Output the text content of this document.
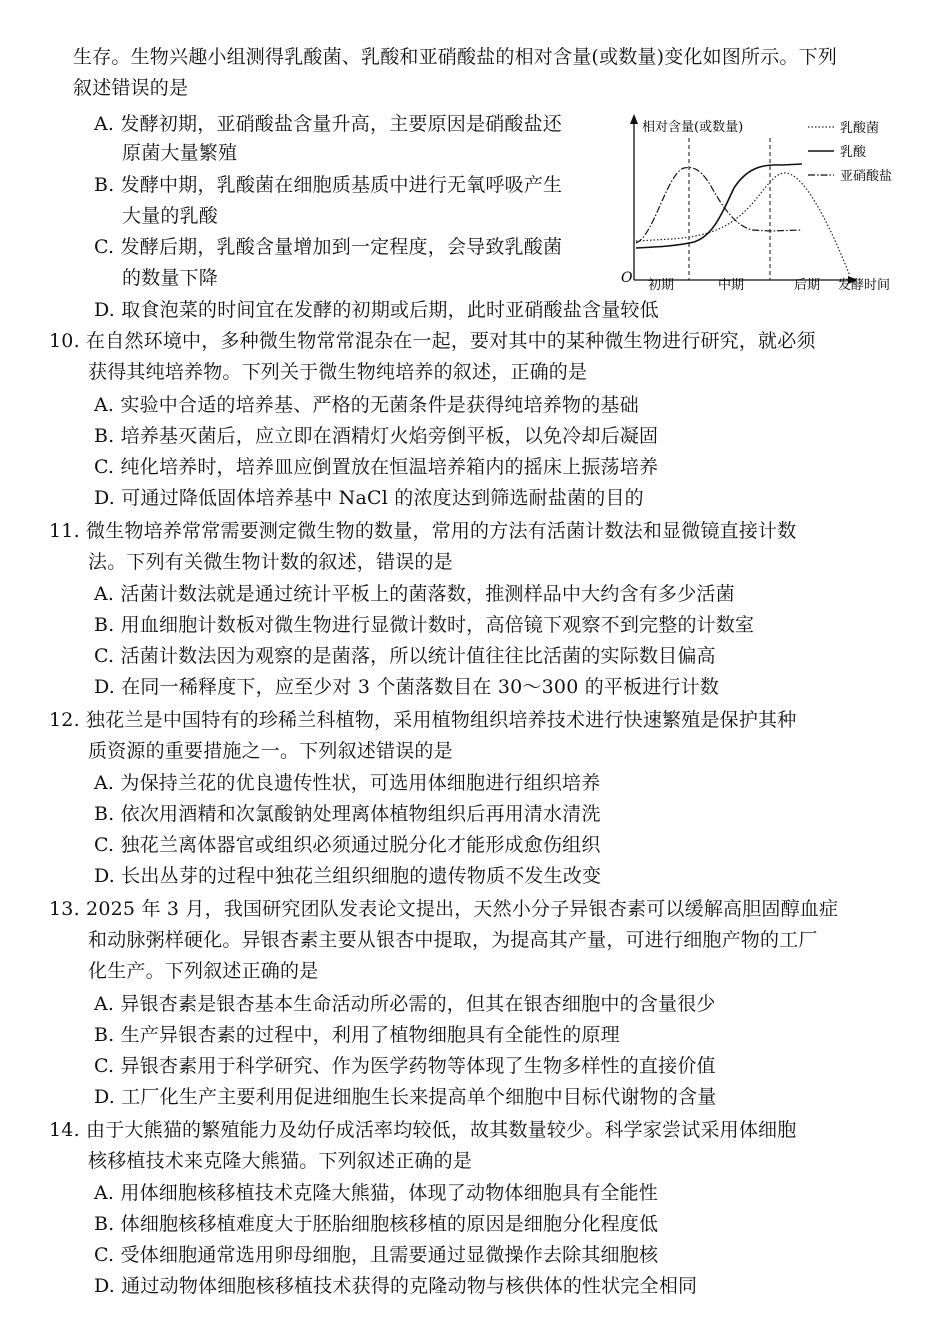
生存。生物兴趣小组测得乳酸菌、乳酸和亚硝酸盐的相对含量(或数量)变化如图所示。下列
叙述错误的是
A. 发酵初期，亚硝酸盐含量升高，主要原因是硝酸盐还
原菌大量繁殖
B. 发酵中期，乳酸菌在细胞质基质中进行无氧呼吸产生
大量的乳酸
C. 发酵后期，乳酸含量增加到一定程度，会导致乳酸菌
的数量下降
D. 取食泡菜的时间宜在发酵的初期或后期，此时亚硝酸盐含量较低
相对含量(或数量)
O 初期	中期	后期 发酵时间
乳酸菌
乳酸
亚硝酸盐
10. 在自然环境中，多种微生物常常混杂在一起，要对其中的某种微生物进行研究，就必须
获得其纯培养物。下列关于微生物纯培养的叙述，正确的是
A. 实验中合适的培养基、严格的无菌条件是获得纯培养物的基础
B. 培养基灭菌后，应立即在酒精灯火焰旁倒平板，以免冷却后凝固
C. 纯化培养时，培养皿应倒置放在恒温培养箱内的摇床上振荡培养
D. 可通过降低固体培养基中 NaCl 的浓度达到筛选耐盐菌的目的
11. 微生物培养常常需要测定微生物的数量，常用的方法有活菌计数法和显微镜直接计数
法。下列有关微生物计数的叙述，错误的是
A. 活菌计数法就是通过统计平板上的菌落数，推测样品中大约含有多少活菌
B. 用血细胞计数板对微生物进行显微计数时，高倍镜下观察不到完整的计数室
C. 活菌计数法因为观察的是菌落，所以统计值往往比活菌的实际数目偏高
D. 在同一稀释度下，应至少对 3 个菌落数目在 30～300 的平板进行计数
12. 独花兰是中国特有的珍稀兰科植物，采用植物组织培养技术进行快速繁殖是保护其种
质资源的重要措施之一。下列叙述错误的是
A. 为保持兰花的优良遗传性状，可选用体细胞进行组织培养
B. 依次用酒精和次氯酸钠处理离体植物组织后再用清水清洗
C. 独花兰离体器官或组织必须通过脱分化才能形成愈伤组织
D. 长出丛芽的过程中独花兰组织细胞的遗传物质不发生改变
13. 2025 年 3 月，我国研究团队发表论文提出，天然小分子异银杏素可以缓解高胆固醇血症
和动脉粥样硬化。异银杏素主要从银杏中提取，为提高其产量，可进行细胞产物的工厂
化生产。下列叙述正确的是
A. 异银杏素是银杏基本生命活动所必需的，但其在银杏细胞中的含量很少
B. 生产异银杏素的过程中，利用了植物细胞具有全能性的原理
C. 异银杏素用于科学研究、作为医学药物等体现了生物多样性的直接价值
D. 工厂化生产主要利用促进细胞生长来提高单个细胞中目标代谢物的含量
14. 由于大熊猫的繁殖能力及幼仔成活率均较低，故其数量较少。科学家尝试采用体细胞
核移植技术来克隆大熊猫。下列叙述正确的是
A. 用体细胞核移植技术克隆大熊猫，体现了动物体细胞具有全能性
B. 体细胞核移植难度大于胚胎细胞核移植的原因是细胞分化程度低
C. 受体细胞通常选用卵母细胞，且需要通过显微操作去除其细胞核
D. 通过动物体细胞核移植技术获得的克隆动物与核供体的性状完全相同
